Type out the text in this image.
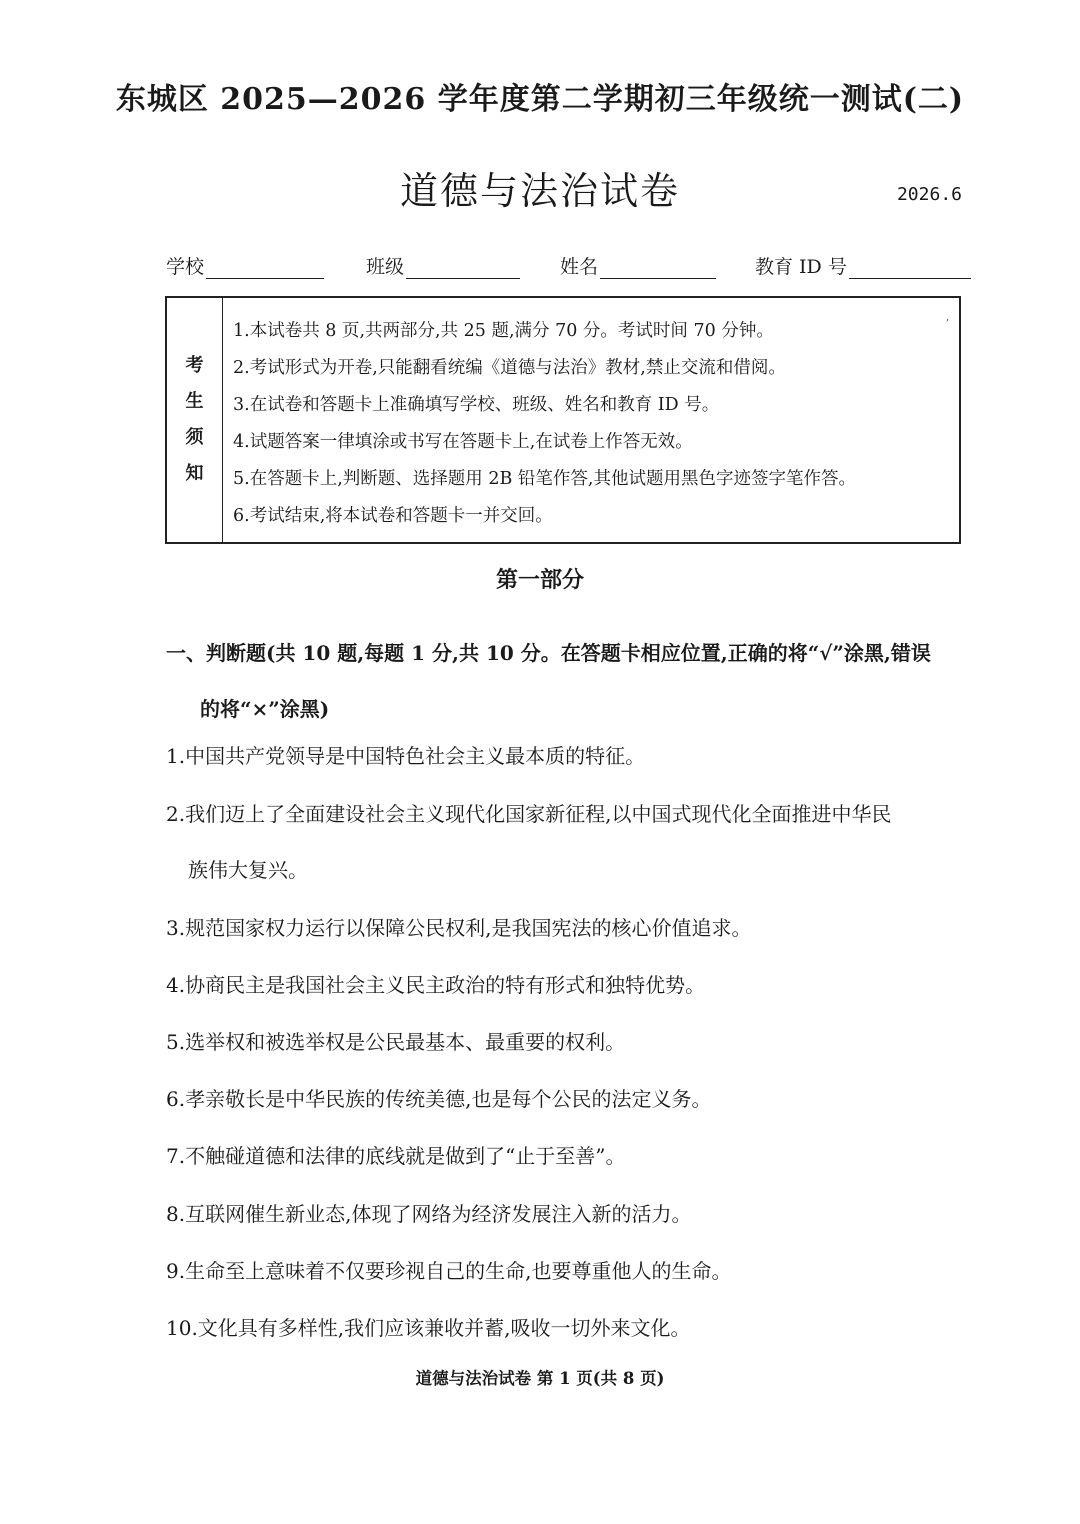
东城区 2025—2026 学年度第二学期初三年级统一测试(二)
道德与法治试卷	2026.6
学校	班级	姓名	教育 ID 号
考
生
须
知
1.本试卷共 8 页,共两部分,共 25 题,满分 70 分。考试时间 70 分钟。
2.考试形式为开卷,只能翻看统编《道德与法治》教材,禁止交流和借阅。
3.在试卷和答题卡上准确填写学校、班级、姓名和教育 ID 号。
4.试题答案一律填涂或书写在答题卡上,在试卷上作答无效。
5.在答题卡上,判断题、选择题用 2B 铅笔作答,其他试题用黑色字迹签字笔作答。
6.考试结束,将本试卷和答题卡一并交回。
,
第一部分
一、判断题(共 10 题,每题 1 分,共 10 分。在答题卡相应位置,正确的将“√”涂黑,错误
的将“×”涂黑)
1.中国共产党领导是中国特色社会主义最本质的特征。
2.我们迈上了全面建设社会主义现代化国家新征程,以中国式现代化全面推进中华民
族伟大复兴。
3.规范国家权力运行以保障公民权利,是我国宪法的核心价值追求。
4.协商民主是我国社会主义民主政治的特有形式和独特优势。
5.选举权和被选举权是公民最基本、最重要的权利。
6.孝亲敬长是中华民族的传统美德,也是每个公民的法定义务。
7.不触碰道德和法律的底线就是做到了“止于至善”。
8.互联网催生新业态,体现了网络为经济发展注入新的活力。
9.生命至上意味着不仅要珍视自己的生命,也要尊重他人的生命。
10.文化具有多样性,我们应该兼收并蓄,吸收一切外来文化。
道德与法治试卷 第 1 页(共 8 页)
